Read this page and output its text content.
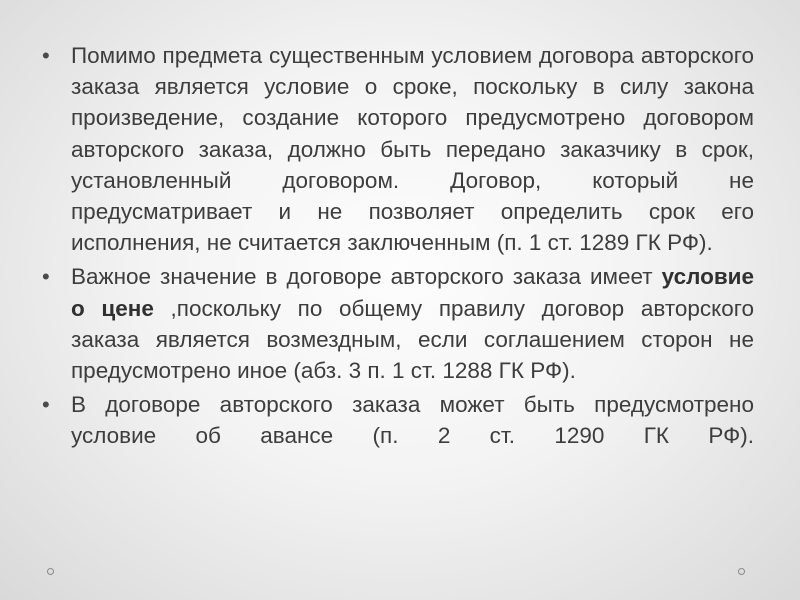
• Помимо предмета существенным условием договора авторского заказа является условие о сроке, поскольку в силу закона произведение, создание которого предусмотрено договором авторского заказа, должно быть передано заказчику в срок, установленный договором. Договор, который не предусматривает и не позволяет определить срок его исполнения, не считается заключенным (п. 1 ст. 1289 ГК РФ).
• Важное значение в договоре авторского заказа имеет условие о цене ,поскольку по общему правилу договор авторского заказа является возмездным, если соглашением сторон не предусмотрено иное (абз. 3 п. 1 ст. 1288 ГК РФ).
• В договоре авторского заказа может быть предусмотрено условие об авансе (п. 2 ст. 1290 ГК РФ).
